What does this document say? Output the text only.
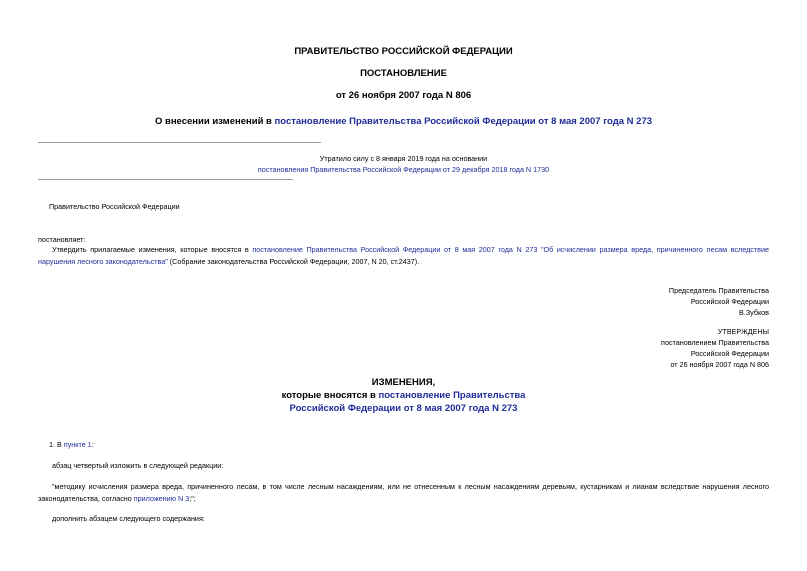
ПРАВИТЕЛЬСТВО РОССИЙСКОЙ ФЕДЕРАЦИИ
ПОСТАНОВЛЕНИЕ
от 26 ноября 2007 года N 806
О внесении изменений в постановление Правительства Российской Федерации от 8 мая 2007 года N 273
Утратило силу с 8 января 2019 года на основании
постановления Правительства Российской Федерации от 29 декабря 2018 года N 1730
Правительство Российской Федерации
постановляет:
Утвердить прилагаемые изменения, которые вносятся в постановление Правительства Российской Федерации от 8 мая 2007 года N 273 "Об исчислении размера вреда, причиненного лесам вследствие нарушения лесного законодательства" (Собрание законодательства Российской Федерации, 2007, N 20, ст.2437).
Председатель Правительства
Российской Федерации
В.Зубков
УТВЕРЖДЕНЫ
постановлением Правительства
Российской Федерации
от 26 ноября 2007 года N 806
ИЗМЕНЕНИЯ,
которые вносятся в постановление Правительства
Российской Федерации от 8 мая 2007 года N 273
1. В пункте 1:
абзац четвертый изложить в следующей редакции:
"методику исчисления размера вреда, причиненного лесам, в том числе лесным насаждениям, или не отнесенным к лесным насаждениям деревьям, кустарникам и лианам вследствие нарушения лесного законодательства, согласно приложению N 3;";
дополнить абзацем следующего содержания:
